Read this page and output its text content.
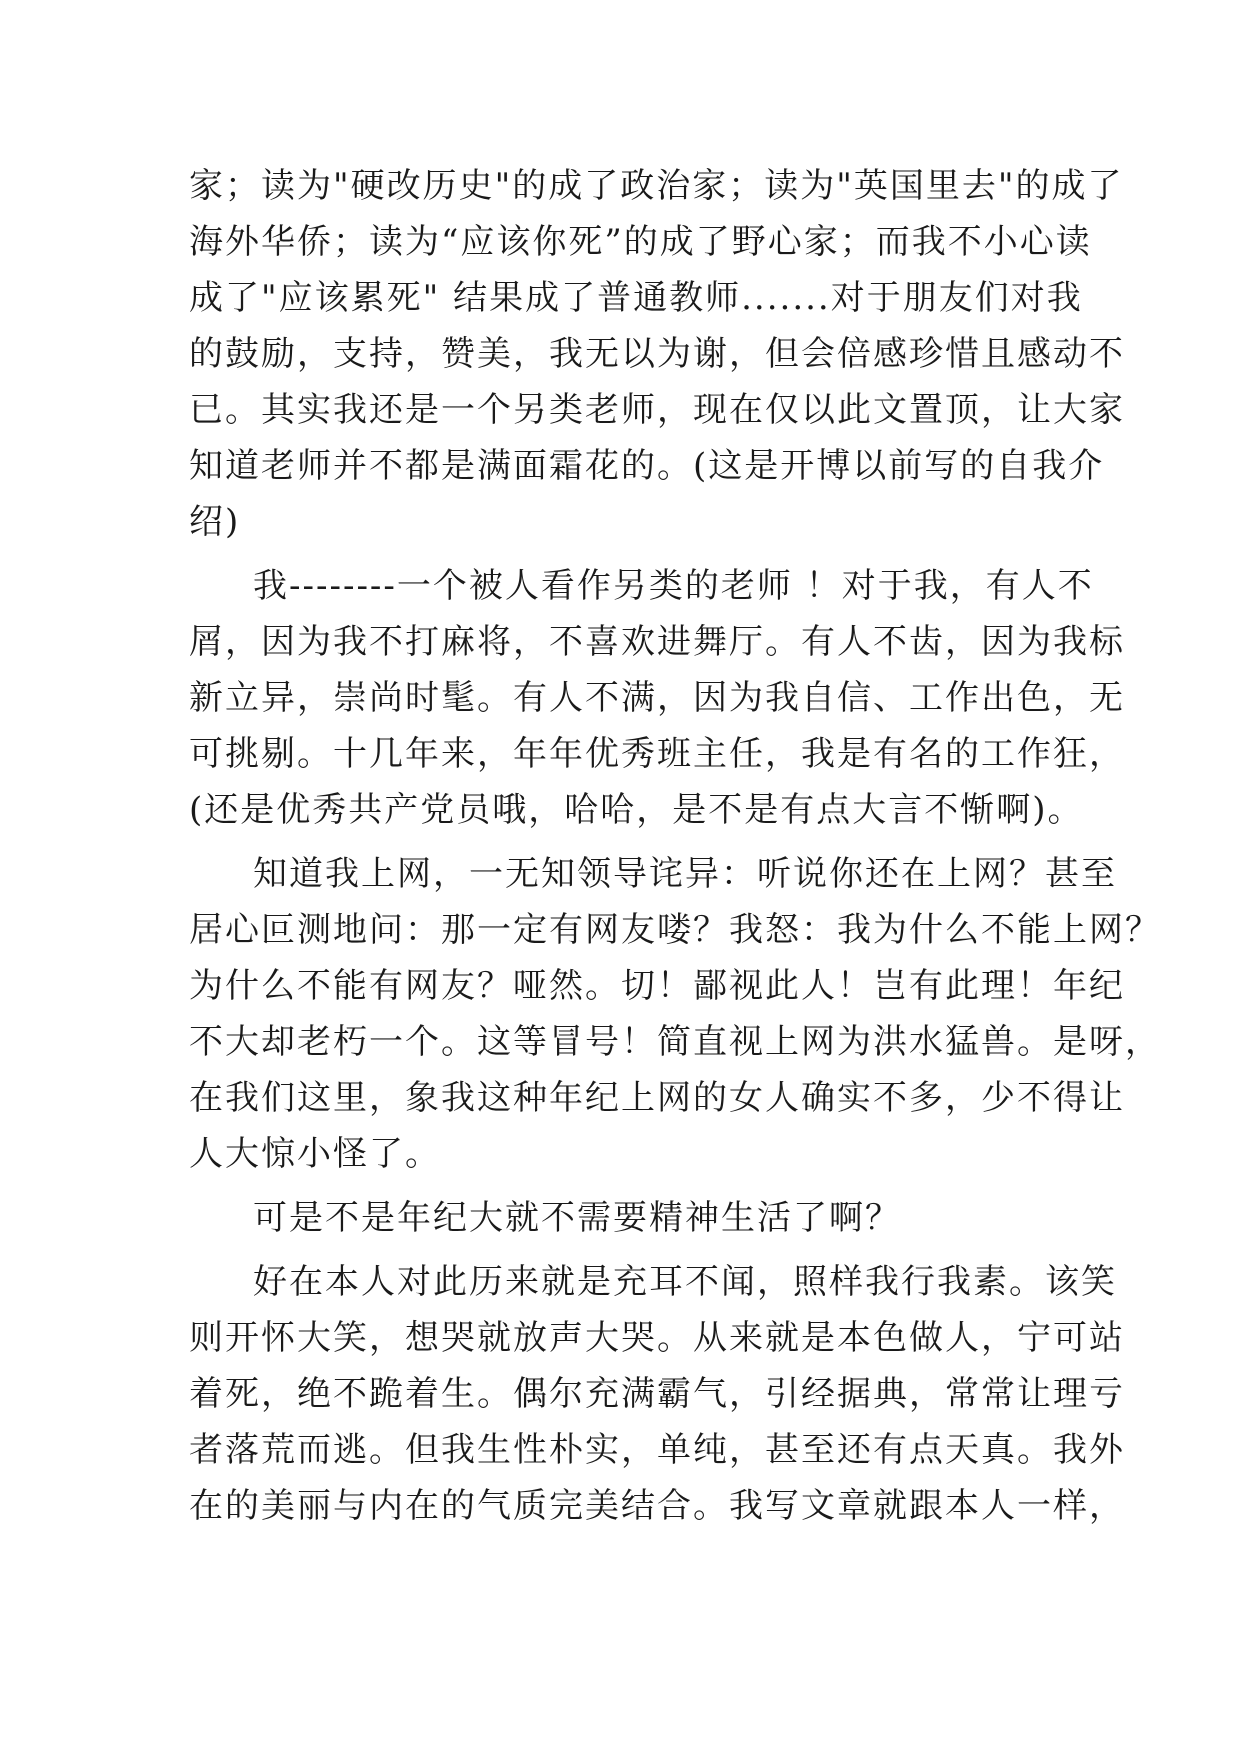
家；读为"硬改历史"的成了政治家；读为"英国里去"的成了
海外华侨；读为“应该你死”的成了野心家；而我不小心读
成了"应该累死" 结果成了普通教师.......对于朋友们对我
的鼓励，支持，赞美，我无以为谢，但会倍感珍惜且感动不
已。其实我还是一个另类老师，现在仅以此文置顶，让大家
知道老师并不都是满面霜花的。(这是开博以前写的自我介
绍)
我--------一个被人看作另类的老师 ！对于我，有人不
屑，因为我不打麻将，不喜欢进舞厅。有人不齿，因为我标
新立异，崇尚时髦。有人不满，因为我自信、工作出色，无
可挑剔。十几年来，年年优秀班主任，我是有名的工作狂，
(还是优秀共产党员哦，哈哈，是不是有点大言不惭啊)。
知道我上网，一无知领导诧异：听说你还在上网？甚至
居心叵测地问：那一定有网友喽？我怒：我为什么不能上网？
为什么不能有网友？哑然。切！鄙视此人！岂有此理！年纪
不大却老朽一个。这等冒号！简直视上网为洪水猛兽。是呀，
在我们这里，象我这种年纪上网的女人确实不多，少不得让
人大惊小怪了。
可是不是年纪大就不需要精神生活了啊？
好在本人对此历来就是充耳不闻，照样我行我素。该笑
则开怀大笑，想哭就放声大哭。从来就是本色做人，宁可站
着死，绝不跪着生。偶尔充满霸气，引经据典，常常让理亏
者落荒而逃。但我生性朴实，单纯，甚至还有点天真。我外
在的美丽与内在的气质完美结合。我写文章就跟本人一样，
